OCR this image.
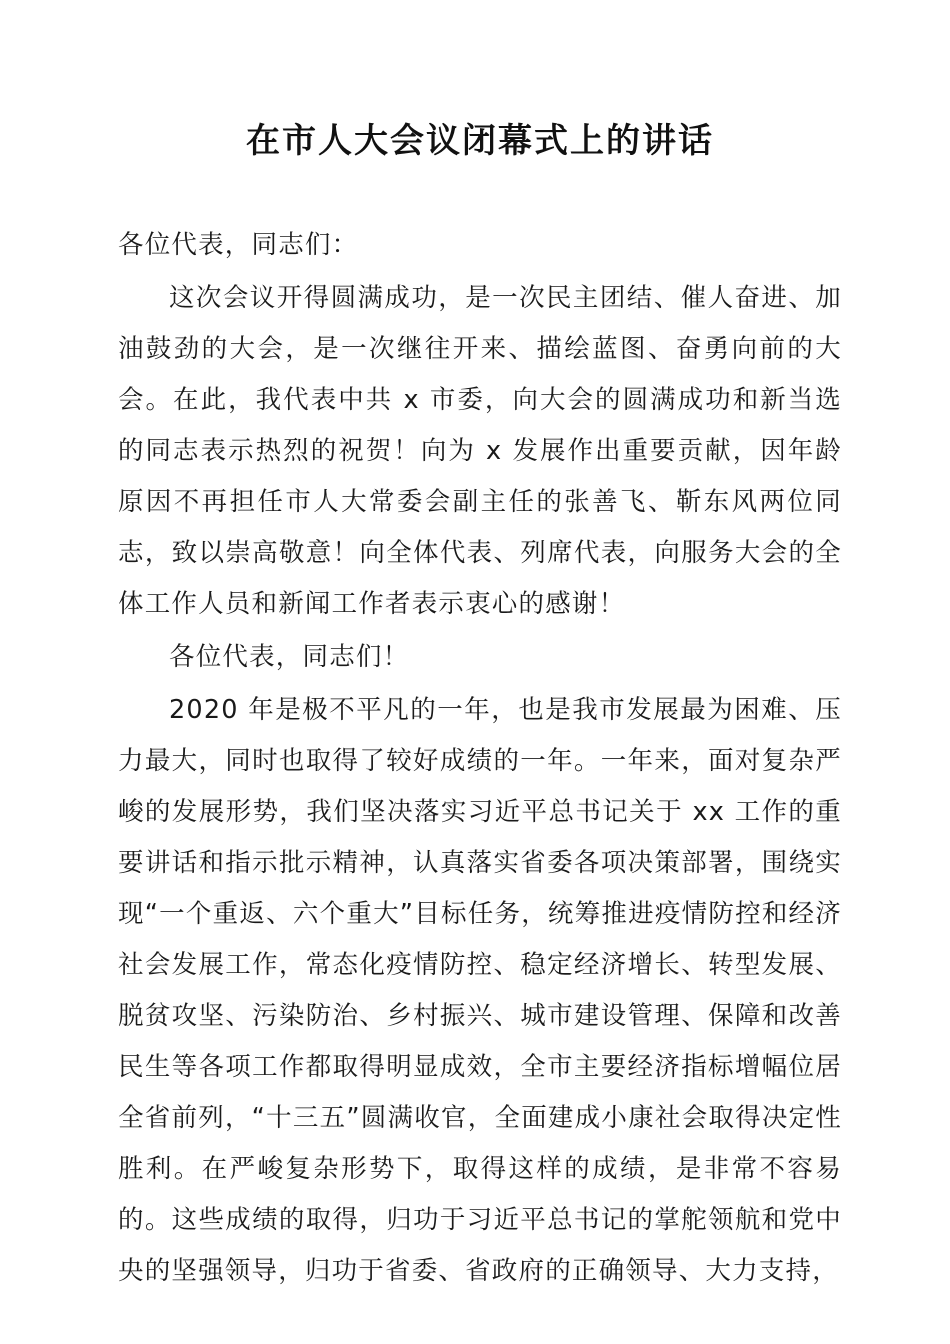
在市人大会议闭幕式上的讲话

各位代表，同志们：

这次会议开得圆满成功，是一次民主团结、催人奋进、加油鼓劲的大会，是一次继往开来、描绘蓝图、奋勇向前的大会。在此，我代表中共 x 市委，向大会的圆满成功和新当选的同志表示热烈的祝贺！向为 x 发展作出重要贡献，因年龄原因不再担任市人大常委会副主任的张善飞、靳东风两位同志，致以崇高敬意！向全体代表、列席代表，向服务大会的全体工作人员和新闻工作者表示衷心的感谢！

各位代表，同志们！

2020 年是极不平凡的一年，也是我市发展最为困难、压力最大，同时也取得了较好成绩的一年。一年来，面对复杂严峻的发展形势，我们坚决落实习近平总书记关于 xx 工作的重要讲话和指示批示精神，认真落实省委各项决策部署，围绕实现“一个重返、六个重大”目标任务，统筹推进疫情防控和经济社会发展工作，常态化疫情防控、稳定经济增长、转型发展、脱贫攻坚、污染防治、乡村振兴、城市建设管理、保障和改善民生等各项工作都取得明显成效，全市主要经济指标增幅位居全省前列，“十三五”圆满收官，全面建成小康社会取得决定性胜利。在严峻复杂形势下，取得这样的成绩，是非常不容易的。这些成绩的取得，归功于习近平总书记的掌舵领航和党中央的坚强领导，归功于省委、省政府的正确领导、大力支持，
